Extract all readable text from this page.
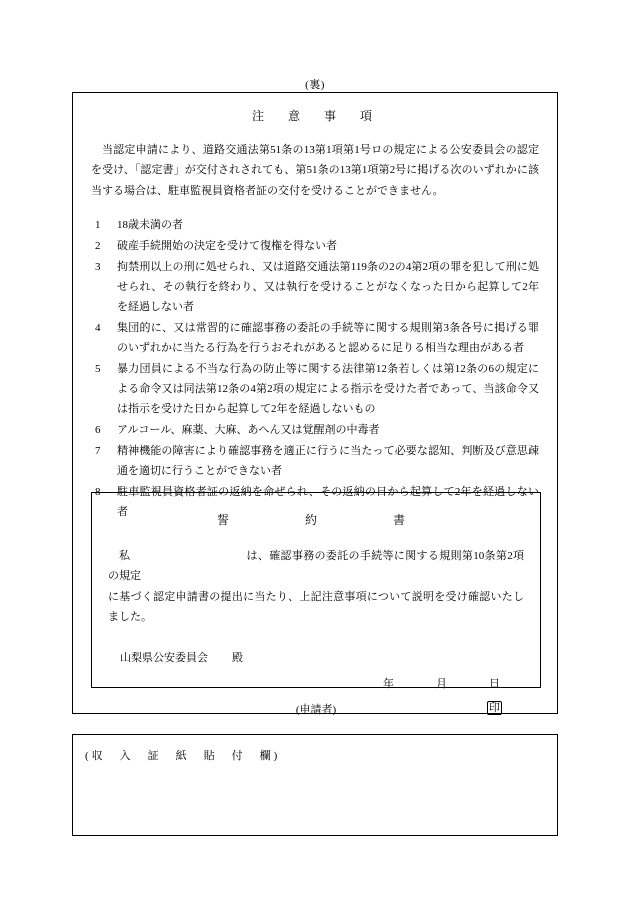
(裏)
注　意　事　項
当認定申請により、道路交通法第51条の13第1項第1号ロの規定による公安委員会の認定を受け、「認定書」が交付されされても、第51条の13第1項第2号に掲げる次のいずれかに該当する場合は、駐車監視員資格者証の交付を受けることができません。
1	18歳未満の者
2	破産手続開始の決定を受けて復権を得ない者
3	拘禁刑以上の刑に処せられ、又は道路交通法第119条の2の4第2項の罪を犯して刑に処せられ、その執行を終わり、又は執行を受けることがなくなった日から起算して2年を経過しない者
4	集団的に、又は常習的に確認事務の委託の手続等に関する規則第3条各号に掲げる罪のいずれかに当たる行為を行うおそれがあると認めるに足りる相当な理由がある者
5	暴力団員による不当な行為の防止等に関する法律第12条若しくは第12条の6の規定による命令又は同法第12条の4第2項の規定による指示を受けた者であって、当該命令又は指示を受けた日から起算して2年を経過しないもの
6	アルコール、麻薬、大麻、あへん又は覚醒剤の中毒者
7	精神機能の障害により確認事務を適正に行うに当たって必要な認知、判断及び意思疎通を適切に行うことができない者
8	駐車監視員資格者証の返納を命ぜられ、その返納の日から起算して2年を経過しない者
誓　　　約　　　書
私	は、確認事務の委託の手続等に関する規則第10条第2項の規定
に基づく認定申請書の提出に当たり、上記注意事項について説明を受け確認いたしました。
山梨県公安委員会 殿
年	月	日
(申請者)	印
(収　入　証　紙　貼　付　欄)
